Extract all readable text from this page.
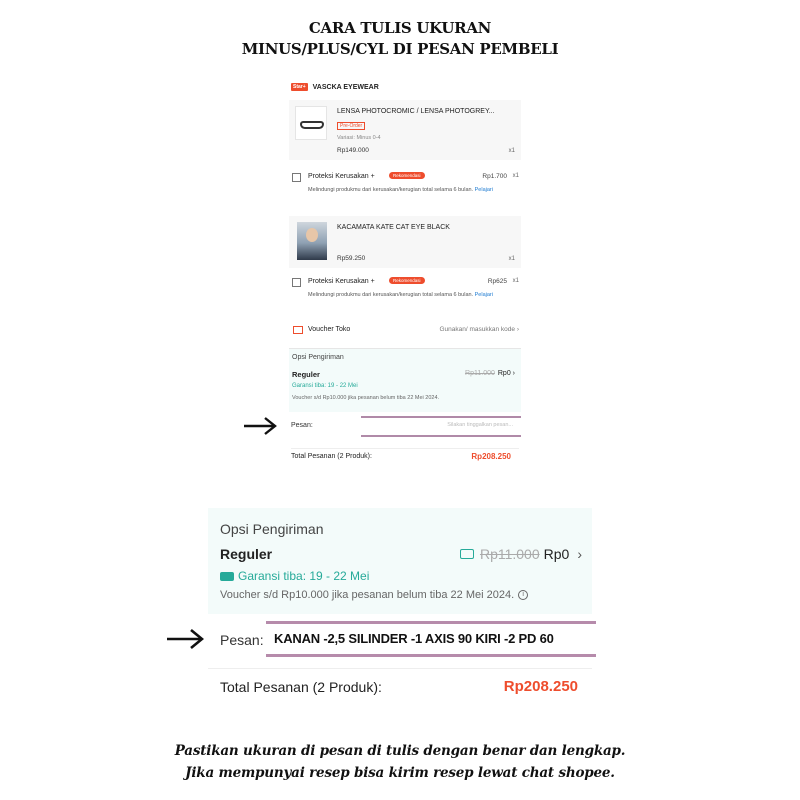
CARA TULIS UKURAN
MINUS/PLUS/CYL DI PESAN PEMBELI
Star+ VASCKA EYEWEAR
LENSA PHOTOCROMIC / LENSA PHOTOGREY...
Pre-Order
Variasi: Minus 0-4
Rp149.000	x1
Proteksi Kerusakan +	Rekomendasi	Rp1.700 x1
Melindungi produkmu dari kerusakan/kerugian total selama 6 bulan. Pelajari
KACAMATA KATE CAT EYE BLACK
Rp59.250	x1
Proteksi Kerusakan +	Rekomendasi	Rp625 x1
Melindungi produkmu dari kerusakan/kerugian total selama 6 bulan. Pelajari
Voucher Toko	Gunakan/ masukkan kode ›
Opsi Pengiriman
Reguler	Rp11.000 Rp0 ›
Garansi tiba: 19 - 22 Mei
Voucher s/d Rp10.000 jika pesanan belum tiba 22 Mei 2024.
Pesan:	Silakan tinggalkan pesan...
Total Pesanan (2 Produk):	Rp208.250
Opsi Pengiriman
Reguler	Rp11.000 Rp0 ›
Garansi tiba: 19 - 22 Mei
Voucher s/d Rp10.000 jika pesanan belum tiba 22 Mei 2024. i
Pesan: KANAN -2,5 SILINDER -1 AXIS 90 KIRI -2 PD 60
Total Pesanan (2 Produk):	Rp208.250
Pastikan ukuran di pesan di tulis dengan benar dan lengkap.
Jika mempunyai resep bisa kirim resep lewat chat shopee.
